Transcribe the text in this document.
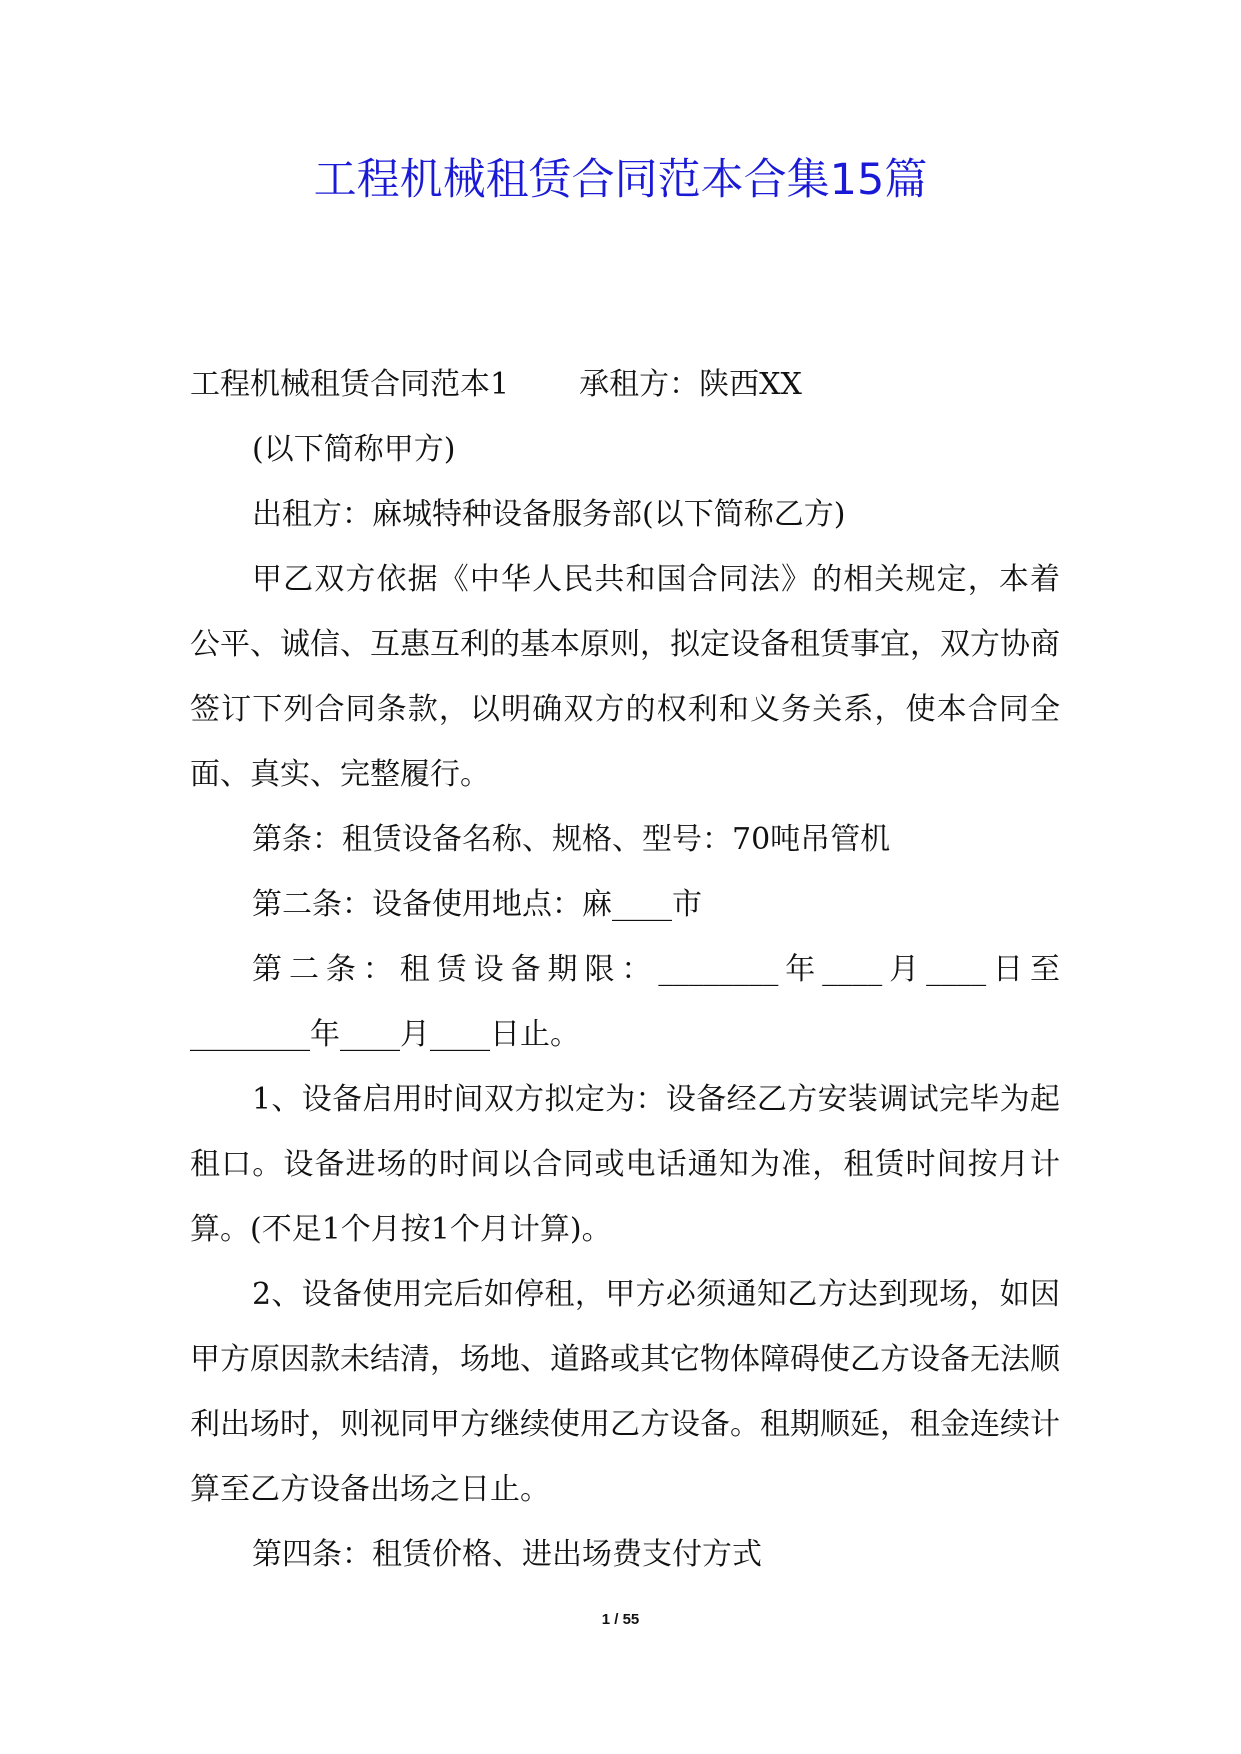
工程机械租赁合同范本合集15篇

工程机械租赁合同范本1 承租方：陕西XX

(以下简称甲方)

出租方：麻城特种设备服务部(以下简称乙方)

甲乙双方依据《中华人民共和国合同法》的相关规定，本着公平、诚信、互惠互利的基本原则，拟定设备租赁事宜，双方协商签订下列合同条款，以明确双方的权利和义务关系，使本合同全面、真实、完整履行。

第条：租赁设备名称、规格、型号：70吨吊管机

第二条：设备使用地点：麻____市

第二条：租赁设备期限：________年____月____日至________年____月____日止。

1、设备启用时间双方拟定为：设备经乙方安装调试完毕为起租口。设备进场的时间以合同或电话通知为准，租赁时间按月计算。(不足1个月按1个月计算)。

2、设备使用完后如停租，甲方必须通知乙方达到现场，如因甲方原因款未结清，场地、道路或其它物体障碍使乙方设备无法顺利出场时，则视同甲方继续使用乙方设备。租期顺延，租金连续计算至乙方设备出场之日止。

第四条：租赁价格、进出场费支付方式

1 / 55
